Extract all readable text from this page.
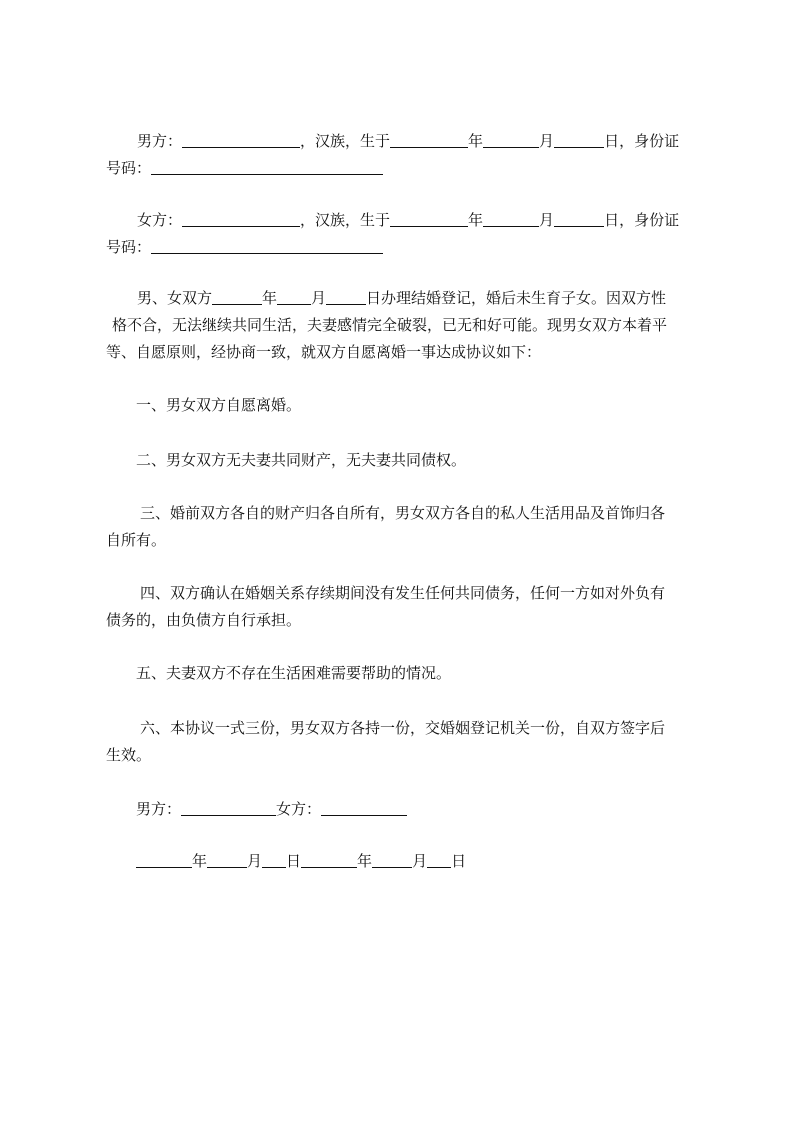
男方：	，汉族，生于	年	月	日，身份证
号码：
女方：	，汉族，生于	年	月	日，身份证
号码：
男、女双方	年 月	日办理结婚登记，婚后未生育子女。因双方性
格不合，无法继续共同生活，夫妻感情完全破裂，已无和好可能。现男女双方本着平
等、自愿原则，经协商一致，就双方自愿离婚一事达成协议如下：
一、男女双方自愿离婚。
二、男女双方无夫妻共同财产，无夫妻共同债权。
三、婚前双方各自的财产归各自所有，男女双方各自的私人生活用品及首饰归各
自所有。
四、双方确认在婚姻关系存续期间没有发生任何共同债务，任何一方如对外负有
债务的，由负债方自行承担。
五、夫妻双方不存在生活困难需要帮助的情况。
六、本协议一式三份，男女双方各持一份，交婚姻登记机关一份，自双方签字后
生效。
男方：	女方：
年	月 日	年	月 日
